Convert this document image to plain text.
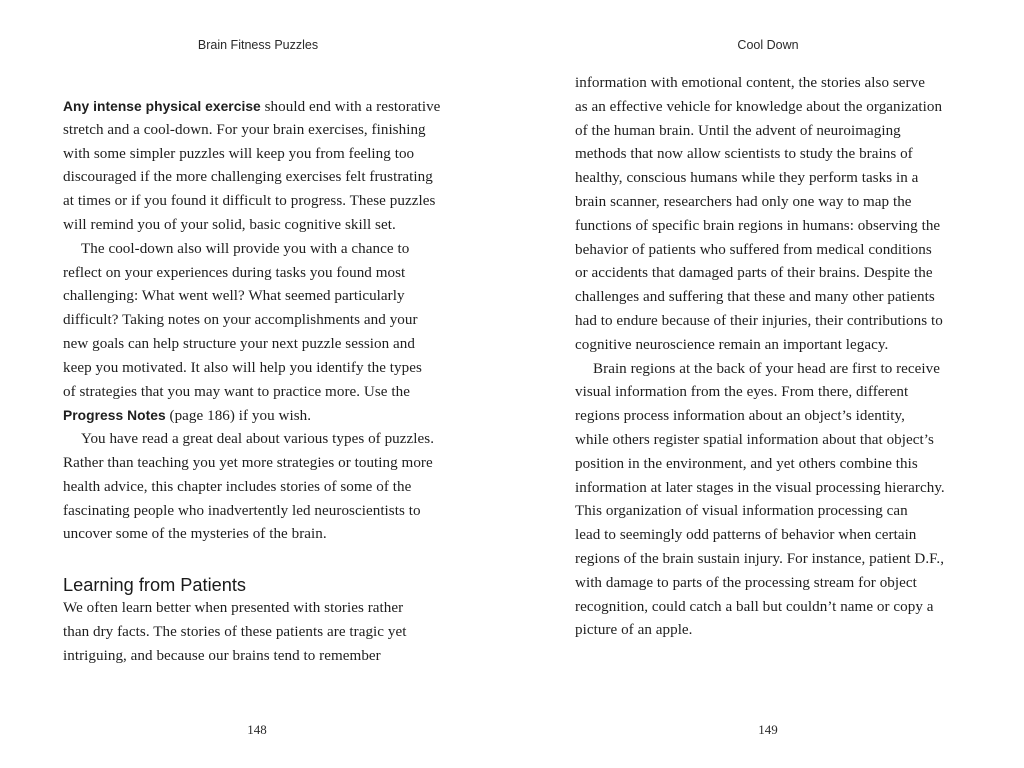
Brain Fitness Puzzles
Any intense physical exercise should end with a restorative
stretch and a cool-down. For your brain exercises, finishing
with some simpler puzzles will keep you from feeling too
discouraged if the more challenging exercises felt frustrating
at times or if you found it difficult to progress. These puzzles
will remind you of your solid, basic cognitive skill set.
The cool-down also will provide you with a chance to
reflect on your experiences during tasks you found most
challenging: What went well? What seemed particularly
difficult? Taking notes on your accomplishments and your
new goals can help structure your next puzzle session and
keep you motivated. It also will help you identify the types
of strategies that you may want to practice more. Use the
Progress Notes (page 186) if you wish.
You have read a great deal about various types of puzzles.
Rather than teaching you yet more strategies or touting more
health advice, this chapter includes stories of some of the
fascinating people who inadvertently led neuroscientists to
uncover some of the mysteries of the brain.
Learning from Patients
We often learn better when presented with stories rather
than dry facts. The stories of these patients are tragic yet
intriguing, and because our brains tend to remember
148
Cool Down
information with emotional content, the stories also serve
as an effective vehicle for knowledge about the organization
of the human brain. Until the advent of neuroimaging
methods that now allow scientists to study the brains of
healthy, conscious humans while they perform tasks in a
brain scanner, researchers had only one way to map the
functions of specific brain regions in humans: observing the
behavior of patients who suffered from medical conditions
or accidents that damaged parts of their brains. Despite the
challenges and suffering that these and many other patients
had to endure because of their injuries, their contributions to
cognitive neuroscience remain an important legacy.
Brain regions at the back of your head are first to receive
visual information from the eyes. From there, different
regions process information about an object’s identity,
while others register spatial information about that object’s
position in the environment, and yet others combine this
information at later stages in the visual processing hierarchy.
This organization of visual information processing can
lead to seemingly odd patterns of behavior when certain
regions of the brain sustain injury. For instance, patient D.F.,
with damage to parts of the processing stream for object
recognition, could catch a ball but couldn’t name or copy a
picture of an apple.
149
